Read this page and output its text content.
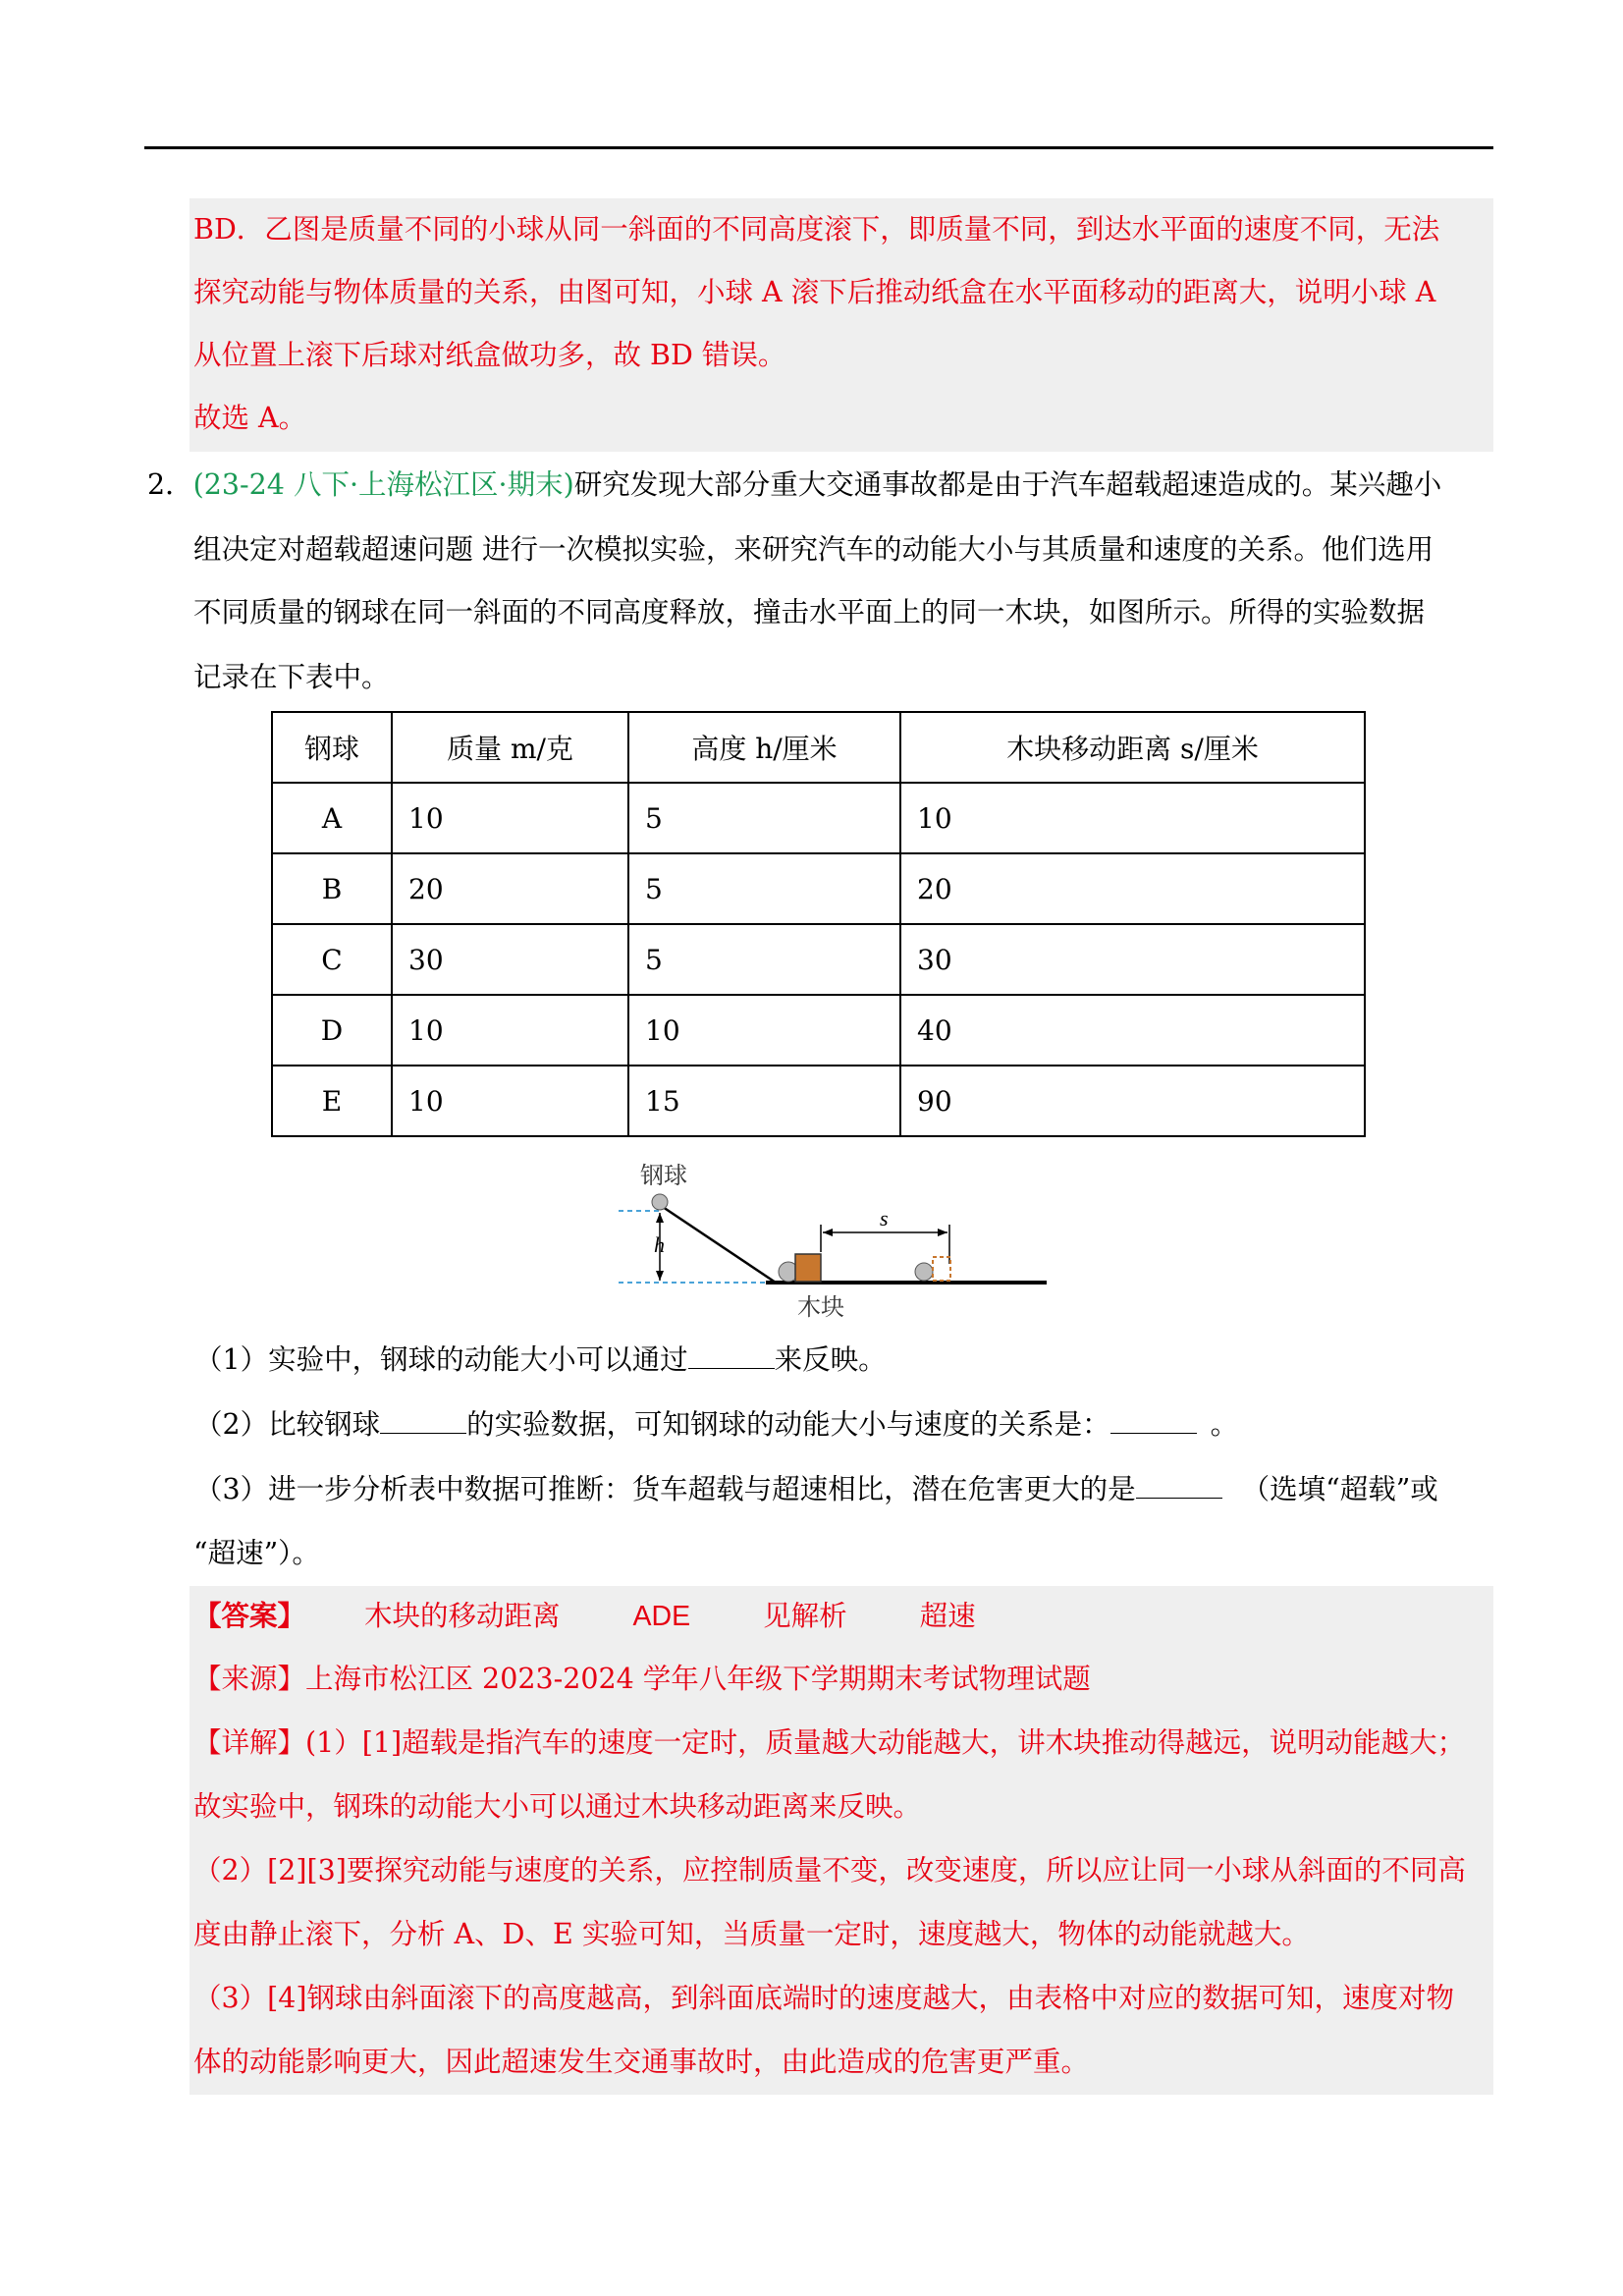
BD．乙图是质量不同的小球从同一斜面的不同高度滚下，即质量不同，到达水平面的速度不同，无法
探究动能与物体质量的关系，由图可知，小球 A 滚下后推动纸盒在水平面移动的距离大，说明小球 A
从位置上滚下后球对纸盒做功多，故 BD 错误。
故选 A。
2．(23-24 八下·上海松江区·期末)研究发现大部分重大交通事故都是由于汽车超载超速造成的。某兴趣小
组决定对超载超速问题 进行一次模拟实验，来研究汽车的动能大小与其质量和速度的关系。他们选用
不同质量的钢球在同一斜面的不同高度释放，撞击水平面上的同一木块，如图所示。所得的实验数据
记录在下表中。
钢球	质量 m/克	高度 h/厘米	木块移动距离 s/厘米
A	10	5	10
B	20	5	20
C	30	5	30
D	10	10	40
E	10	15	90
h
钢球
木块
s
（1）实验中，钢球的动能大小可以通过	来反映。
（2）比较钢球	的实验数据，可知钢球的动能大小与速度的关系是：	。
（3）进一步分析表中数据可推断：货车超载与超速相比，潜在危害更大的是	（选填“超载”或
“超速”）。
【答案】 木块的移动距离	ADE	见解析	超速
【来源】上海市松江区 2023-2024 学年八年级下学期期末考试物理试题
【详解】(1）[1]超载是指汽车的速度一定时，质量越大动能越大，讲木块推动得越远，说明动能越大；
故实验中，钢珠的动能大小可以通过木块移动距离来反映。
（2）[2][3]要探究动能与速度的关系，应控制质量不变，改变速度，所以应让同一小球从斜面的不同高
度由静止滚下，分析 A、D、E 实验可知，当质量一定时，速度越大，物体的动能就越大。
（3）[4]钢球由斜面滚下的高度越高，到斜面底端时的速度越大，由表格中对应的数据可知，速度对物
体的动能影响更大，因此超速发生交通事故时，由此造成的危害更严重。
